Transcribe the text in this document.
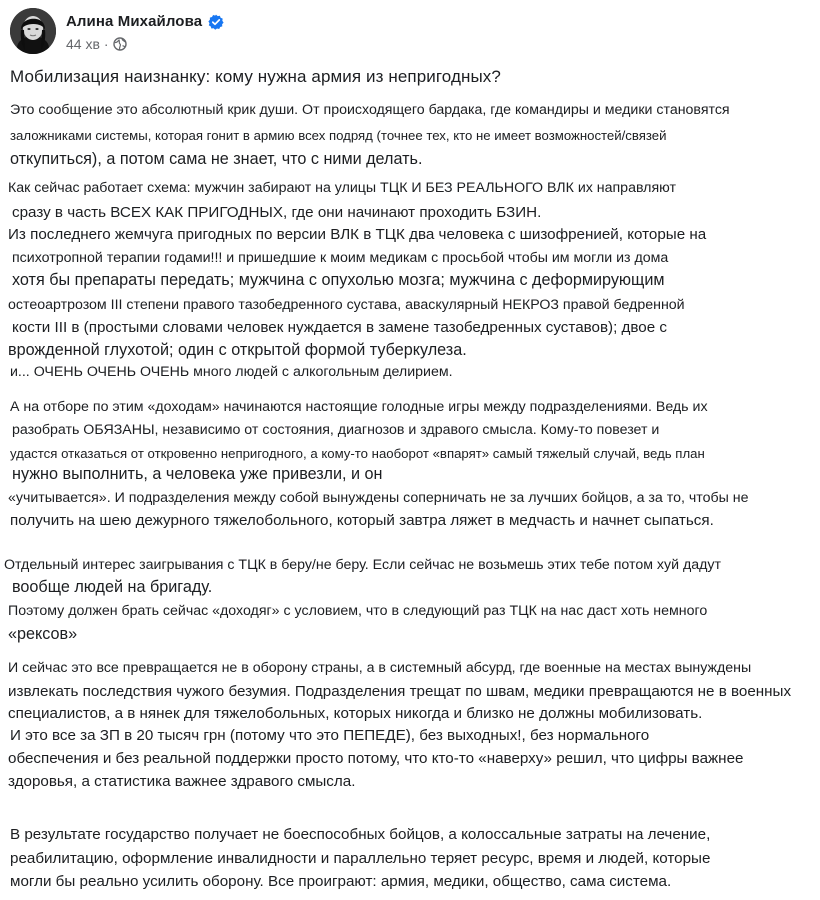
Алина Михайлова
44 хв ·
Мобилизация наизнанку: кому нужна армия из непригодных?
Это сообщение это абсолютный крик души. От происходящего бардака, где командиры и медики становятся
заложниками системы, которая гонит в армию всех подряд (точнее тех, кто не имеет возможностей/связей
откупиться), а потом сама не знает, что с ними делать.
Как сейчас работает схема: мужчин забирают на улицы ТЦК И БЕЗ РЕАЛЬНОГО ВЛК их направляют
сразу в часть ВСЕХ КАК ПРИГОДНЫХ, где они начинают проходить БЗИН.
Из последнего жемчуга пригодных по версии ВЛК в ТЦК два человека с шизофренией, которые на
психотропной терапии годами!!! и пришедшие к моим медикам с просьбой чтобы им могли из дома
хотя бы препараты передать; мужчина с опухолью мозга; мужчина с деформирующим
остеоартрозом III степени правого тазобедренного сустава, аваскулярный НЕКРОЗ правой бедренной
кости III в (простыми словами человек нуждается в замене тазобедренных суставов); двое с
врожденной глухотой; один с открытой формой туберкулеза.
и... ОЧЕНЬ ОЧЕНЬ ОЧЕНЬ много людей с алкогольным делирием.
А на отборе по этим «доходам» начинаются настоящие голодные игры между подразделениями. Ведь их
разобрать ОБЯЗАНЫ, независимо от состояния, диагнозов и здравого смысла. Кому-то повезет и
удастся отказаться от откровенно непригодного, а кому-то наоборот «впарят» самый тяжелый случай, ведь план
нужно выполнить, а человека уже привезли, и он
«учитывается». И подразделения между собой вынуждены соперничать не за лучших бойцов, а за то, чтобы не
получить на шею дежурного тяжелобольного, который завтра ляжет в медчасть и начнет сыпаться.
Отдельный интерес заигрывания с ТЦК в беру/не беру. Если сейчас не возьмешь этих тебе потом хуй дадут
вообще людей на бригаду.
Поэтому должен брать сейчас «доходяг» с условием, что в следующий раз ТЦК на нас даст хоть немного
«рексов»
И сейчас это все превращается не в оборону страны, а в системный абсурд, где военные на местах вынуждены
извлекать последствия чужого безумия. Подразделения трещат по швам, медики превращаются не в военных
специалистов, а в нянек для тяжелобольных, которых никогда и близко не должны мобилизовать.
И это все за ЗП в 20 тысяч грн (потому что это ПЕПЕДЕ), без выходных!, без нормального
обеспечения и без реальной поддержки просто потому, что кто-то «наверху» решил, что цифры важнее
здоровья, а статистика важнее здравого смысла.
В результате государство получает не боеспособных бойцов, а колоссальные затраты на лечение,
реабилитацию, оформление инвалидности и параллельно теряет ресурс, время и людей, которые
могли бы реально усилить оборону. Все проиграют: армия, медики, общество, сама система.
